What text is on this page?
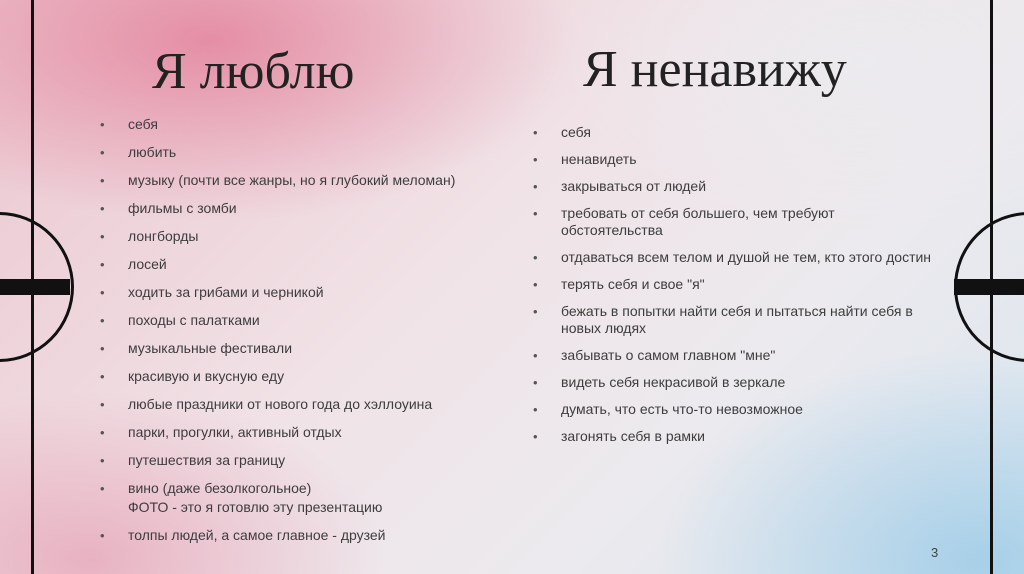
Я люблю	Я ненавижу
• себя
• любить
• музыку (почти все жанры, но я глубокий меломан)
• фильмы с зомби
• лонгборды
• лосей
• ходить за грибами и черникой
• походы с палатками
• музыкальные фестивали
• красивую и вкусную еду
• любые праздники от нового года до хэллоуина
• парки, прогулки, активный отдых
• путешествия за границу
• вино (даже безолкогольное)
ФОТО - это я готовлю эту презентацию
• толпы людей, а самое главное - друзей
• себя
• ненавидеть
• закрываться от людей
• требовать от себя большего, чем требуют обстоятельства
• отдаваться всем телом и душой не тем, кто этого достин
• терять себя и свое "я"
• бежать в попытки найти себя и пытаться найти себя в новых людях
• забывать о самом главном "мне"
• видеть себя некрасивой в зеркале
• думать, что есть что-то невозможное
• загонять себя в рамки
3
